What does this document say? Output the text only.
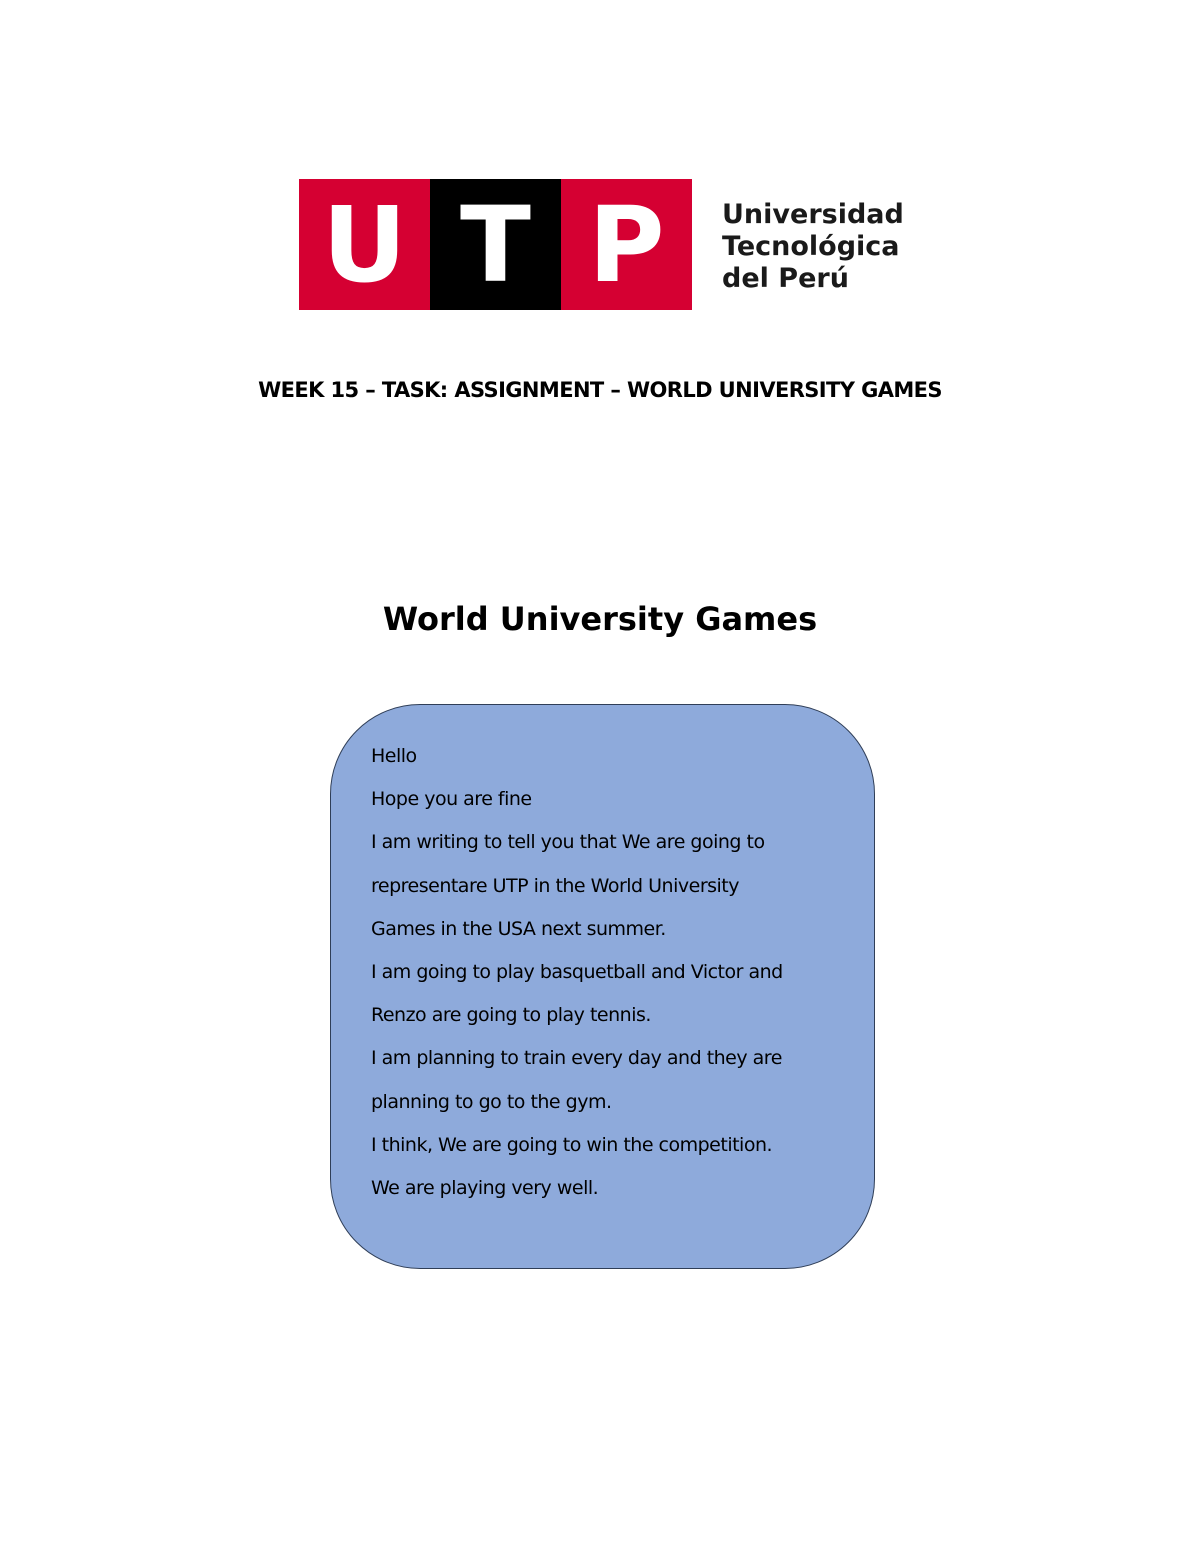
U T P	Universidad
Tecnológica
del Perú
WEEK 15 – TASK: ASSIGNMENT – WORLD UNIVERSITY GAMES
World University Games
Hello
Hope you are fine
I am writing to tell you that We are going to
representare UTP in the World University
Games in the USA next summer.
I am going to play basquetball and Victor and
Renzo are going to play tennis.
I am planning to train every day and they are
planning to go to the gym.
I think, We are going to win the competition.
We are playing very well.
